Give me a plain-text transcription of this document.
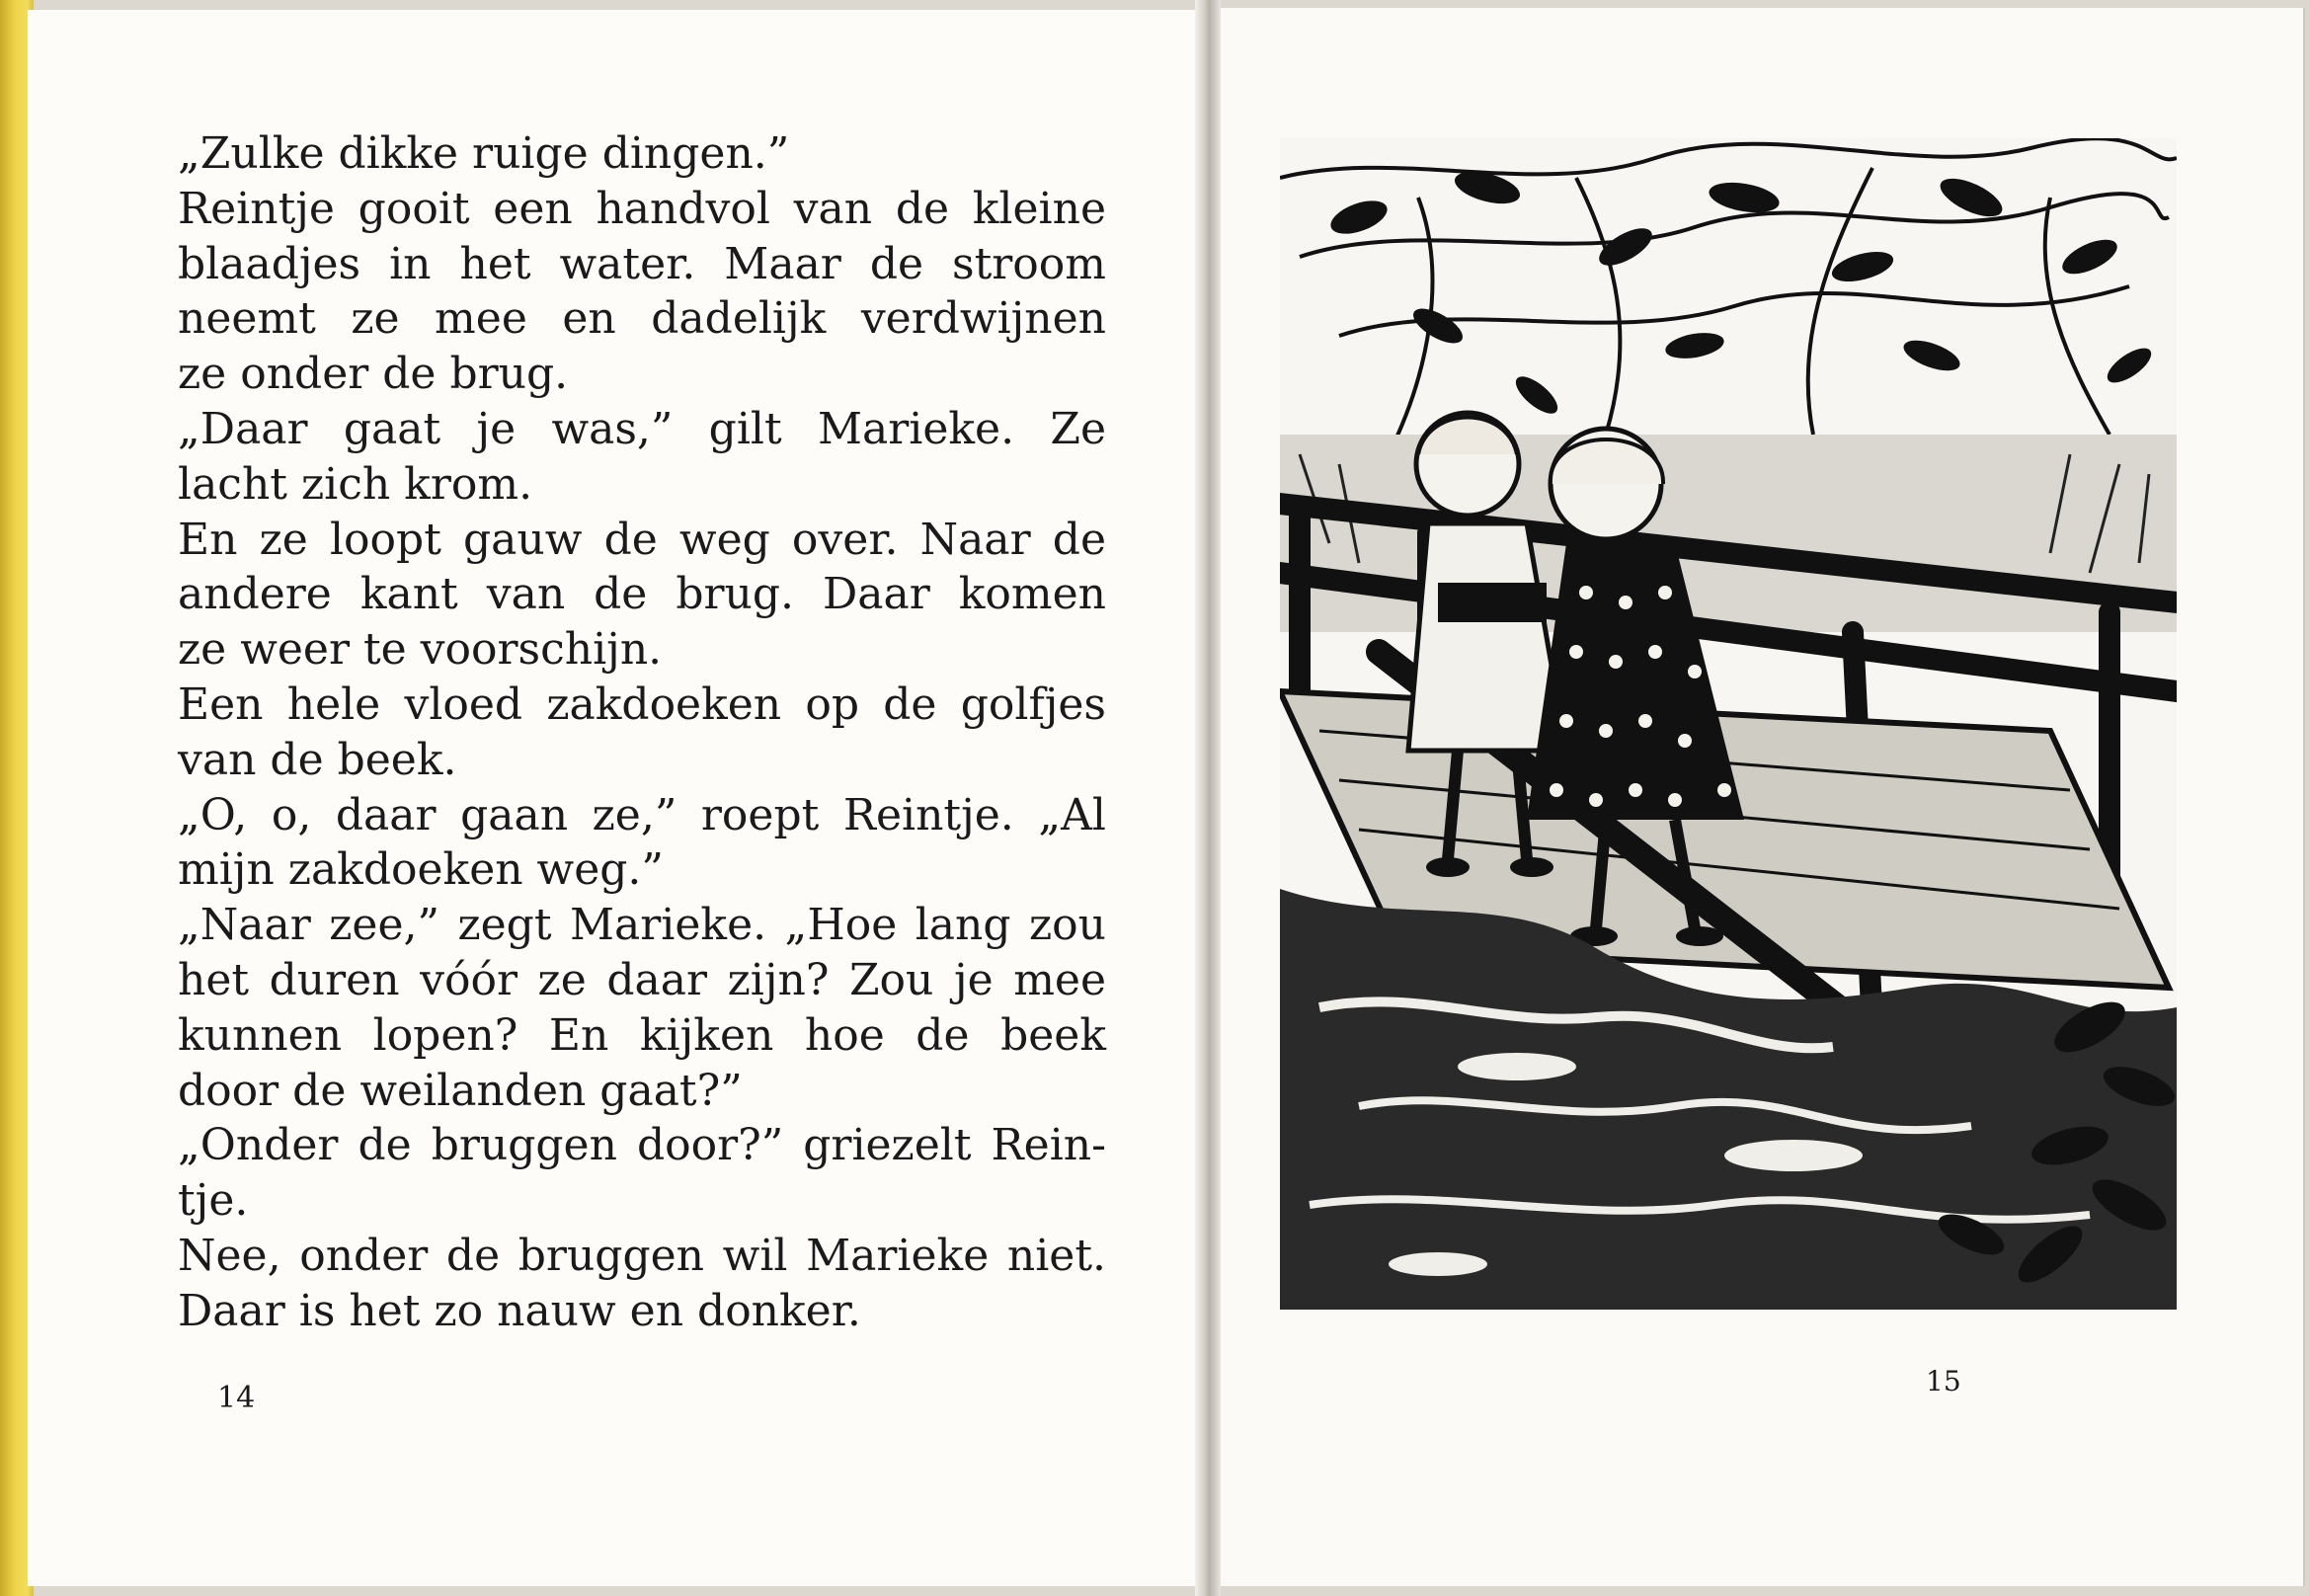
„Zulke dikke ruige dingen.”
Reintje gooit een handvol van de kleine
blaadjes in het water. Maar de stroom
neemt ze mee en dadelijk verdwijnen
ze onder de brug.
„Daar gaat je was,” gilt Marieke. Ze
lacht zich krom.
En ze loopt gauw de weg over. Naar de
andere kant van de brug. Daar komen
ze weer te voorschijn.
Een hele vloed zakdoeken op de golfjes
van de beek.
„O, o, daar gaan ze,” roept Reintje. „Al
mijn zakdoeken weg.”
„Naar zee,” zegt Marieke. „Hoe lang zou
het duren vóór ze daar zijn? Zou je mee
kunnen lopen? En kijken hoe de beek
door de weilanden gaat?”
„Onder de bruggen door?” griezelt Rein-
tje.
Nee, onder de bruggen wil Marieke niet.
Daar is het zo nauw en donker.
14	15
